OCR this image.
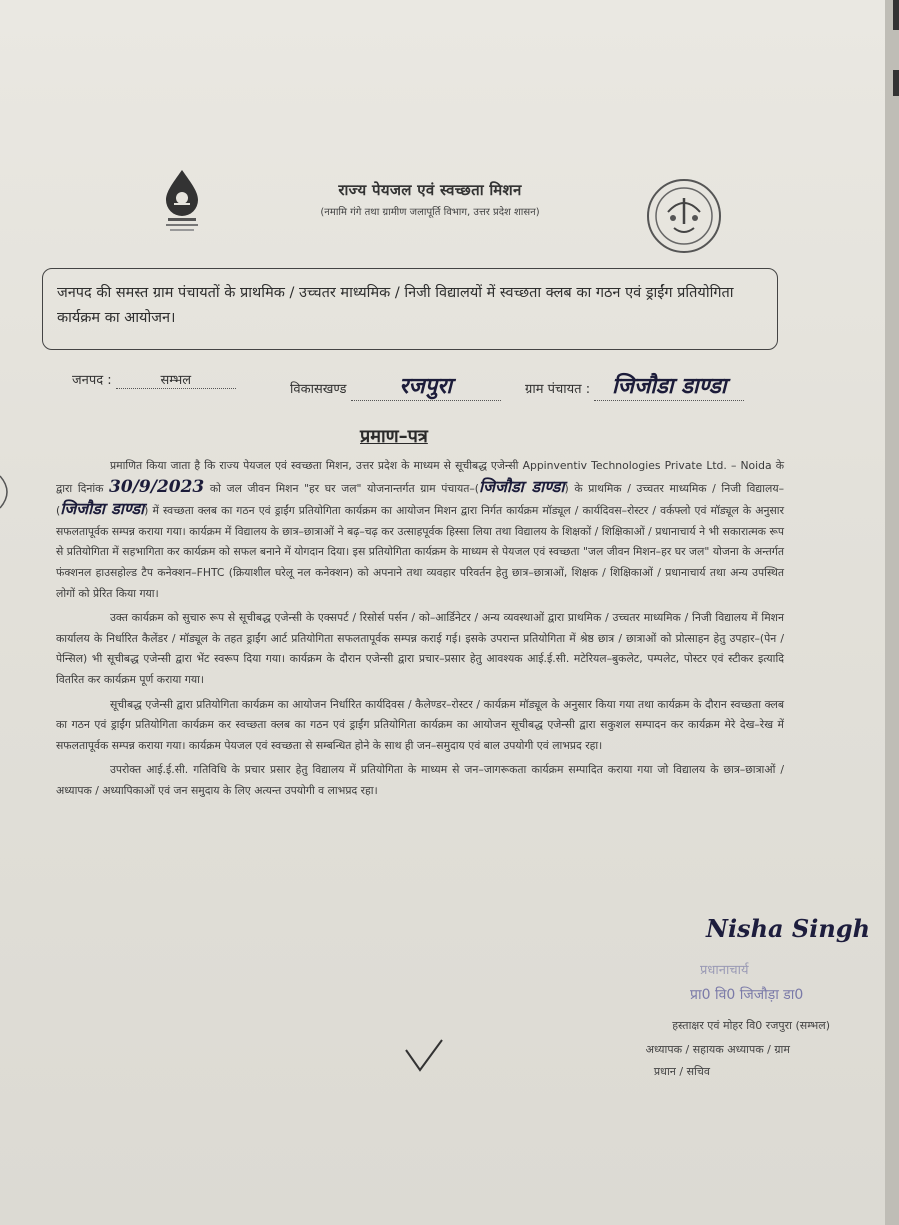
राज्य पेयजल एवं स्वच्छता मिशन
(नमामि गंगे तथा ग्रामीण जलापूर्ति विभाग, उत्तर प्रदेश शासन)
जनपद की समस्त ग्राम पंचायतों के प्राथमिक / उच्चतर माध्यमिक / निजी विद्यालयों में स्वच्छता क्लब का गठन एवं ड्राईंग प्रतियोगिता कार्यक्रम का आयोजन।
जनपद :	सम्भल
विकासखण्ड रजपुरा	ग्राम पंचायत : जिजौडा डाण्डा
प्रमाण–पत्र

प्रमाणित किया जाता है कि राज्य पेयजल एवं स्वच्छता मिशन, उत्तर प्रदेश के माध्यम से सूचीबद्ध एजेन्सी Appinventiv Technologies Private Ltd. – Noida के द्वारा दिनांक 30/9/2023 को जल जीवन मिशन "हर घर जल" योजनान्तर्गत ग्राम पंचायत–(जिजौडा डाण्डा) के प्राथमिक / उच्चतर माध्यमिक / निजी विद्यालय–(जिजौडा डाण्डा) में स्वच्छता क्लब का गठन एवं ड्राईंग प्रतियोगिता कार्यक्रम का आयोजन मिशन द्वारा निर्गत कार्यक्रम मॉड्यूल / कार्यदिवस–रोस्टर / वर्कफ्लो एवं मॉड्यूल के अनुसार सफलतापूर्वक सम्पन्न कराया गया। कार्यक्रम में विद्यालय के छात्र–छात्राओं ने बढ़–चढ़ कर उत्साहपूर्वक हिस्सा लिया तथा विद्यालय के शिक्षकों / शिक्षिकाओं / प्रधानाचार्य ने भी सकारात्मक रूप से प्रतियोगिता में सहभागिता कर कार्यक्रम को सफल बनाने में योगदान दिया। इस प्रतियोगिता कार्यक्रम के माध्यम से पेयजल एवं स्वच्छता "जल जीवन मिशन–हर घर जल" योजना के अन्तर्गत फंक्शनल हाउसहोल्ड टैप कनेक्शन–FHTC (क्रियाशील घरेलू नल कनेक्शन) को अपनाने तथा व्यवहार परिवर्तन हेतु छात्र–छात्राओं, शिक्षक / शिक्षिकाओं / प्रधानाचार्य तथा अन्य उपस्थित लोगों को प्रेरित किया गया।

उक्त कार्यक्रम को सुचारु रूप से सूचीबद्ध एजेन्सी के एक्सपर्ट / रिसोर्स पर्सन / को–आर्डिनेटर / अन्य व्यवस्थाओं द्वारा प्राथमिक / उच्चतर माध्यमिक / निजी विद्यालय में मिशन कार्यालय के निर्धारित कैलेंडर / मॉड्यूल के तहत ड्राईंग आर्ट प्रतियोगिता सफलतापूर्वक सम्पन्न कराई गई। इसके उपरान्त प्रतियोगिता में श्रेष्ठ छात्र / छात्राओं को प्रोत्साहन हेतु उपहार–(पेन / पेन्सिल) भी सूचीबद्ध एजेन्सी द्वारा भेंट स्वरूप दिया गया। कार्यक्रम के दौरान एजेन्सी द्वारा प्रचार–प्रसार हेतु आवश्यक आई.ई.सी. मटेरियल–बुकलेट, पम्पलेट, पोस्टर एवं स्टीकर इत्यादि वितरित कर कार्यक्रम पूर्ण कराया गया।

सूचीबद्ध एजेन्सी द्वारा प्रतियोगिता कार्यक्रम का आयोजन निर्धारित कार्यदिवस / कैलेण्डर–रोस्टर / कार्यक्रम मॉड्यूल के अनुसार किया गया तथा कार्यक्रम के दौरान स्वच्छता क्लब का गठन एवं ड्राईंग प्रतियोगिता कार्यक्रम कर स्वच्छता क्लब का गठन एवं ड्राईंग प्रतियोगिता कार्यक्रम का आयोजन सूचीबद्ध एजेन्सी द्वारा सकुशल सम्पादन कर कार्यक्रम मेरे देख–रेख में सफलतापूर्वक सम्पन्न कराया गया। कार्यक्रम पेयजल एवं स्वच्छता से सम्बन्धित होने के साथ ही जन–समुदाय एवं बाल उपयोगी एवं लाभप्रद रहा।

उपरोक्त आई.ई.सी. गतिविधि के प्रचार प्रसार हेतु विद्यालय में प्रतियोगिता के माध्यम से जन–जागरूकता कार्यक्रम सम्पादित कराया गया जो विद्यालय के छात्र–छात्राओं / अध्यापक / अध्यापिकाओं एवं जन समुदाय के लिए अत्यन्त उपयोगी व लाभप्रद रहा।

Nisha Singh
प्रधानाचार्य
प्रा0 वि0 जिजौड़ा डा0
हस्ताक्षर एवं मोहर वि0 रजपुरा (सम्भल)
अध्यापक / सहायक अध्यापक / ग्राम
प्रधान / सचिव
